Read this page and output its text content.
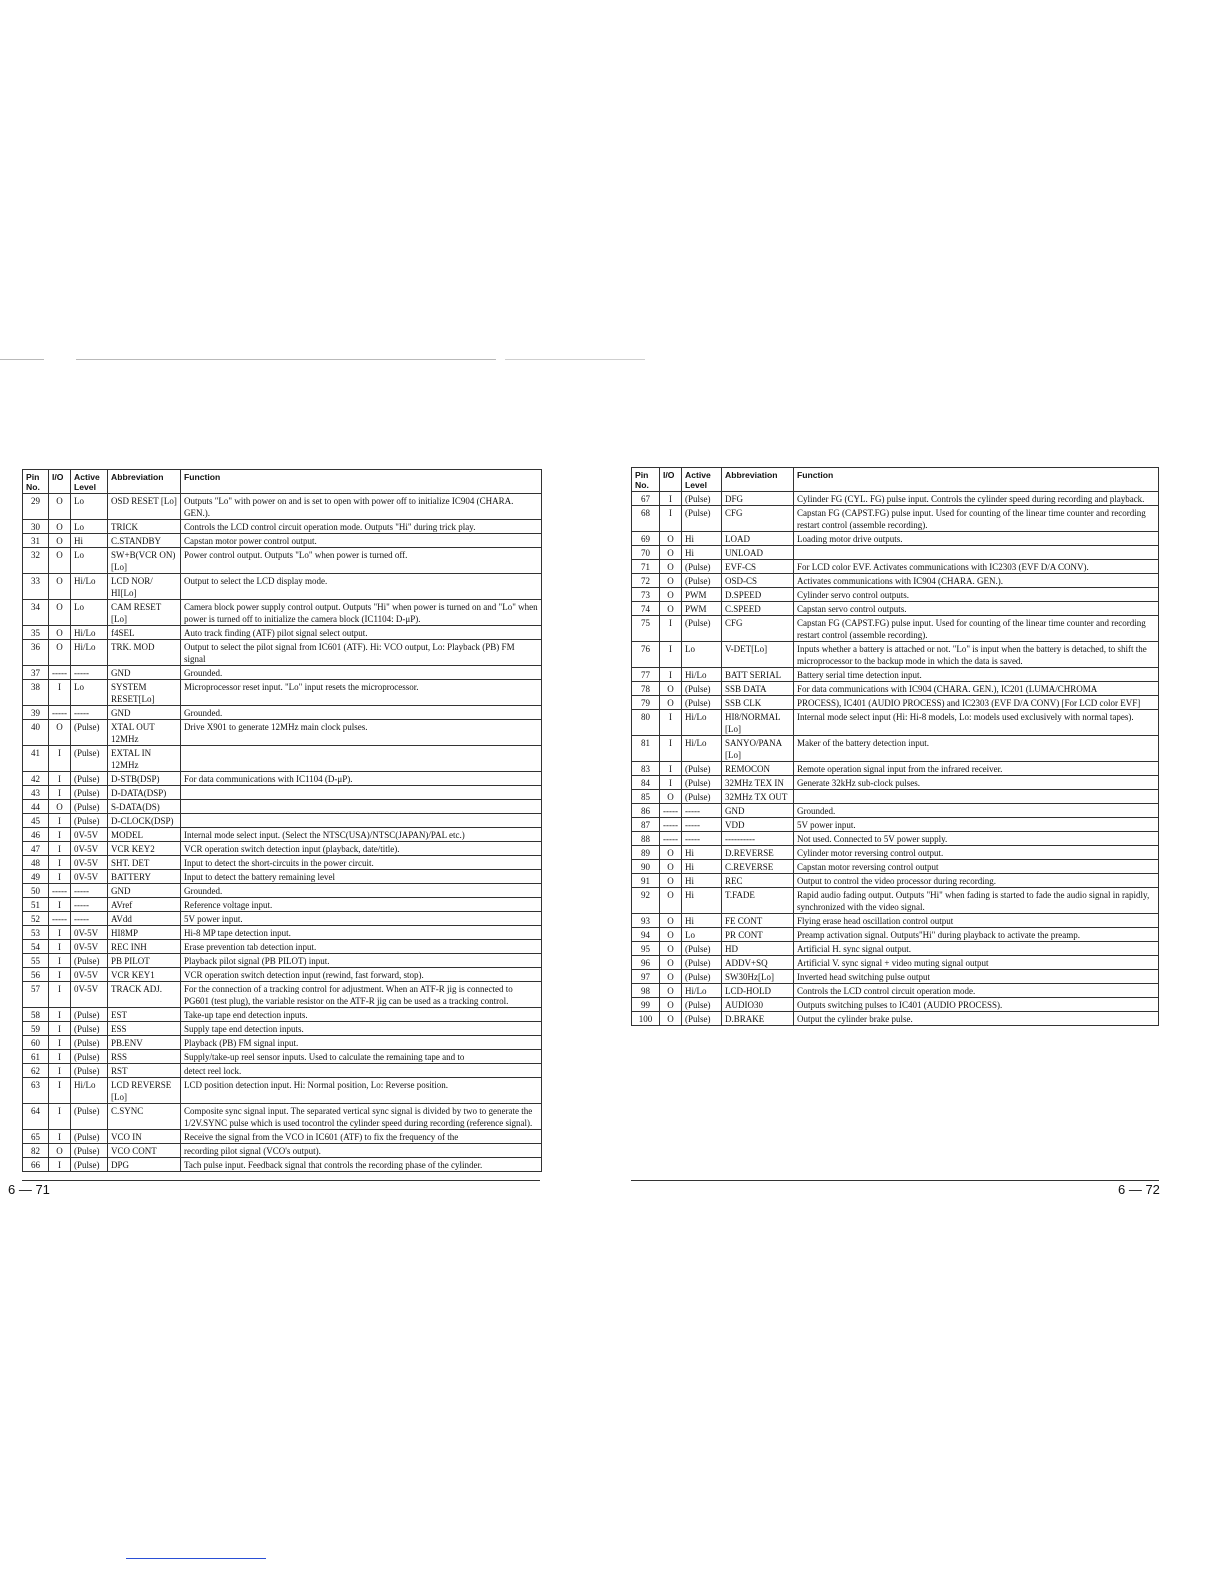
Pin No.	I/O	Active Level	Abbreviation	Function
29	O	Lo	OSD RESET [Lo]	Outputs "Lo" with power on and is set to open with power off to initialize IC904 (CHARA. GEN.).
30	O	Lo	TRICK	Controls the LCD control circuit operation mode. Outputs "Hi" during trick play.
31	O	Hi	C.STANDBY	Capstan motor power control output.
32	O	Lo	SW+B(VCR ON) [Lo]	Power control output. Outputs "Lo" when power is turned off.
33	O	Hi/Lo	LCD NOR/ HI[Lo]	Output to select the LCD display mode.
34	O	Lo	CAM RESET [Lo]	Camera block power supply control output. Outputs "Hi" when power is turned on and "Lo" when power is turned off to initialize the camera block (IC1104: D-μP).
35	O	Hi/Lo	f4SEL	Auto track finding (ATF) pilot signal select output.
36	O	Hi/Lo	TRK. MOD	Output to select the pilot signal from IC601 (ATF). Hi: VCO output, Lo: Playback (PB) FM signal
37	-----	-----	GND	Grounded.
38	I	Lo	SYSTEM RESET[Lo]	Microprocessor reset input. "Lo" input resets the microprocessor.
39	-----	-----	GND	Grounded.
40	O	(Pulse)	XTAL OUT 12MHz	Drive X901 to generate 12MHz main clock pulses.
41	I	(Pulse)	EXTAL IN 12MHz	
42	I	(Pulse)	D-STB(DSP)	For data communications with IC1104 (D-μP).
43	I	(Pulse)	D-DATA(DSP)	
44	O	(Pulse)	S-DATA(DS)	
45	I	(Pulse)	D-CLOCK(DSP)	
46	I	0V-5V	MODEL	Internal mode select input. (Select the NTSC(USA)/NTSC(JAPAN)/PAL etc.)
47	I	0V-5V	VCR KEY2	VCR operation switch detection input (playback, date/title).
48	I	0V-5V	SHT. DET	Input to detect the short-circuits in the power circuit.
49	I	0V-5V	BATTERY	Input to detect the battery remaining level
50	-----	-----	GND	Grounded.
51	I	-----	AVref	Reference voltage input.
52	-----	-----	AVdd	5V power input.
53	I	0V-5V	HI8MP	Hi-8 MP tape detection input.
54	I	0V-5V	REC INH	Erase prevention tab detection input.
55	I	(Pulse)	PB PILOT	Playback pilot signal (PB PILOT) input.
56	I	0V-5V	VCR KEY1	VCR operation switch detection input (rewind, fast forward, stop).
57	I	0V-5V	TRACK ADJ.	For the connection of a tracking control for adjustment. When an ATF-R jig is connected to PG601 (test plug), the variable resistor on the ATF-R jig can be used as a tracking control.
58	I	(Pulse)	EST	Take-up tape end detection inputs.
59	I	(Pulse)	ESS	Supply tape end detection inputs.
60	I	(Pulse)	PB.ENV	Playback (PB) FM signal input.
61	I	(Pulse)	RSS	Supply/take-up reel sensor inputs. Used to calculate the remaining tape and to
62	I	(Pulse)	RST	detect reel lock.
63	I	Hi/Lo	LCD REVERSE [Lo]	LCD position detection input. Hi: Normal position, Lo: Reverse position.
64	I	(Pulse)	C.SYNC	Composite sync signal input. The separated vertical sync signal is divided by two to generate the 1/2V.SYNC pulse which is used tocontrol the cylinder speed during recording (reference signal).
65	I	(Pulse)	VCO IN	Receive the signal from the VCO in IC601 (ATF) to fix the frequency of the
82	O	(Pulse)	VCO CONT	recording pilot signal (VCO's output).
66	I	(Pulse)	DPG	Tach pulse input. Feedback signal that controls the recording phase of the cylinder.
Pin No.	I/O	Active Level	Abbreviation	Function
67	I	(Pulse)	DFG	Cylinder FG (CYL. FG) pulse input. Controls the cylinder speed during recording and playback.
68	I	(Pulse)	CFG	Capstan FG (CAPST.FG) pulse input. Used for counting of the linear time counter and recording restart control (assemble recording).
69	O	Hi	LOAD	Loading motor drive outputs.
70	O	Hi	UNLOAD	
71	O	(Pulse)	EVF-CS	For LCD color EVF. Activates communications with IC2303 (EVF D/A CONV).
72	O	(Pulse)	OSD-CS	Activates communications with IC904 (CHARA. GEN.).
73	O	PWM	D.SPEED	Cylinder servo control outputs.
74	O	PWM	C.SPEED	Capstan servo control outputs.
75	I	(Pulse)	CFG	Capstan FG (CAPST.FG) pulse input. Used for counting of the linear time counter and recording restart control (assemble recording).
76	I	Lo	V-DET[Lo]	Inputs whether a battery is attached or not. "Lo" is input when the battery is detached, to shift the microprocessor to the backup mode in which the data is saved.
77	I	Hi/Lo	BATT SERIAL	Battery serial time detection input.
78	O	(Pulse)	SSB DATA	For data communications with IC904 (CHARA. GEN.), IC201 (LUMA/CHROMA
79	O	(Pulse)	SSB CLK	PROCESS), IC401 (AUDIO PROCESS) and IC2303 (EVF D/A CONV) [For LCD color EVF]
80	I	Hi/Lo	HI8/NORMAL [Lo]	Internal mode select input (Hi: Hi-8 models, Lo: models used exclusively with normal tapes).
81	I	Hi/Lo	SANYO/PANA [Lo]	Maker of the battery detection input.
83	I	(Pulse)	REMOCON	Remote operation signal input from the infrared receiver.
84	I	(Pulse)	32MHz TEX IN	Generate 32kHz sub-clock pulses.
85	O	(Pulse)	32MHz TX OUT	
86	-----	-----	GND	Grounded.
87	-----	-----	VDD	5V power input.
88	-----	-----	----------	Not used. Connected to 5V power supply.
89	O	Hi	D.REVERSE	Cylinder motor reversing control output.
90	O	Hi	C.REVERSE	Capstan motor reversing control output
91	O	Hi	REC	Output to control the video processor during recording.
92	O	Hi	T.FADE	Rapid audio fading output. Outputs "Hi" when fading is started to fade the audio signal in rapidly, synchronized with the video signal.
93	O	Hi	FE CONT	Flying erase head oscillation control output
94	O	Lo	PR CONT	Preamp activation signal. Outputs"Hi" during playback to activate the preamp.
95	O	(Pulse)	HD	Artificial H. sync signal output.
96	O	(Pulse)	ADDV+SQ	Artificial V. sync signal + video muting signal output
97	O	(Pulse)	SW30Hz[Lo]	Inverted head switching pulse output
98	O	Hi/Lo	LCD-HOLD	Controls the LCD control circuit operation mode.
99	O	(Pulse)	AUDIO30	Outputs switching pulses to IC401 (AUDIO PROCESS).
100	O	(Pulse)	D.BRAKE	Output the cylinder brake pulse.
6 — 71	6 — 72
